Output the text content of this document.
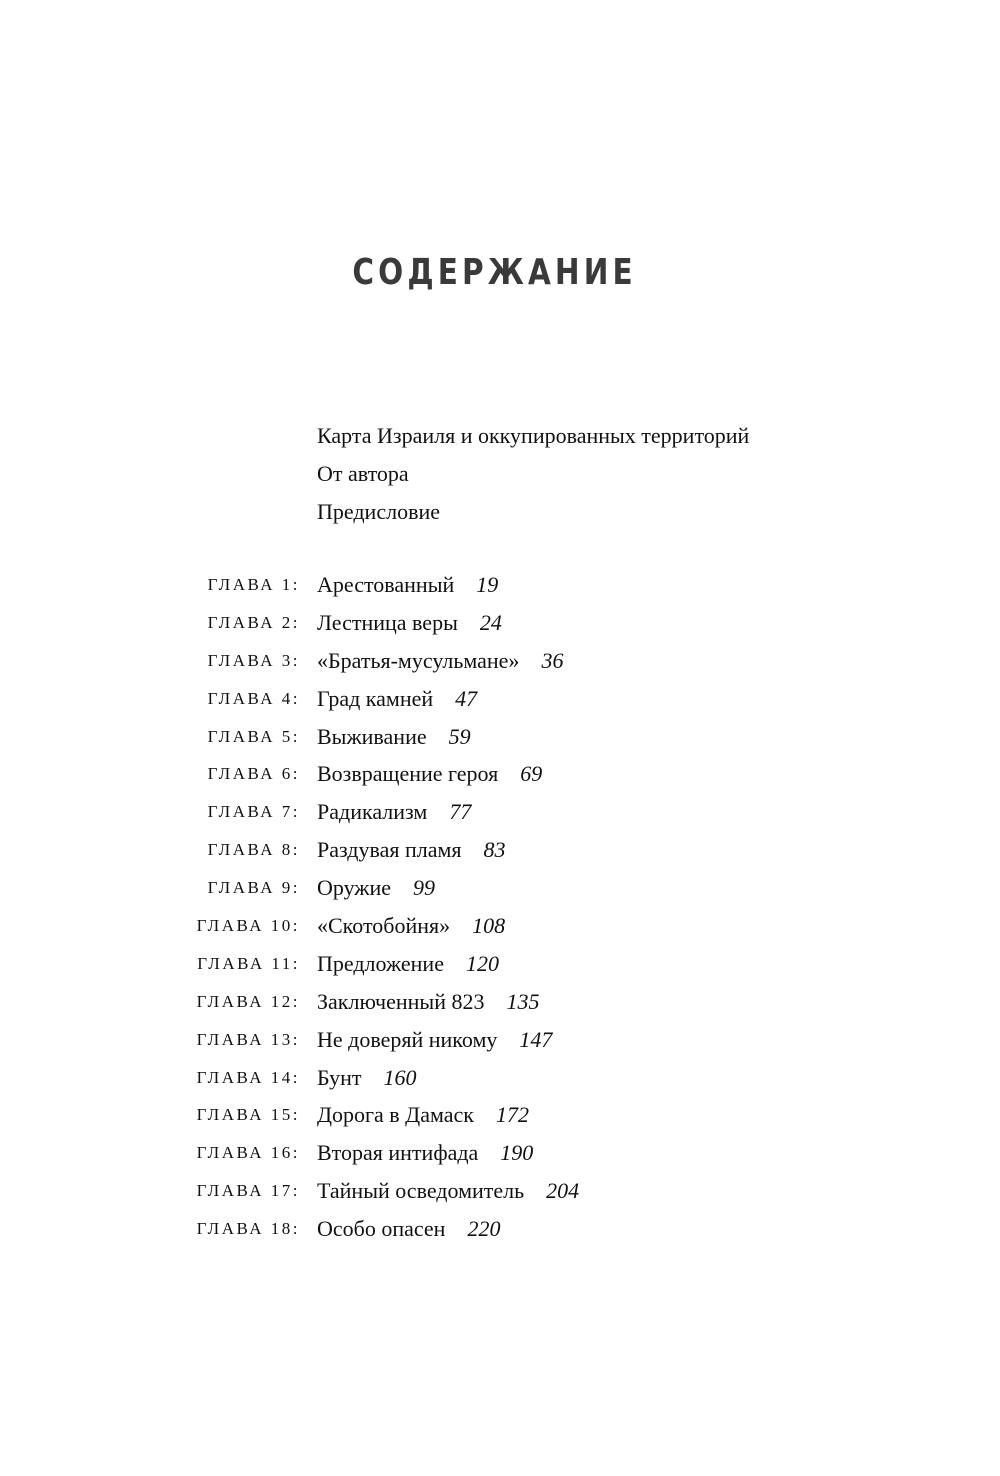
СОДЕРЖАНИЕ
Карта Израиля и оккупированных территорий
От автора
Предисловие
ГЛАВА 1: Арестованный 19
ГЛАВА 2: Лестница веры 24
ГЛАВА 3: «Братья-мусульмане» 36
ГЛАВА 4: Град камней 47
ГЛАВА 5: Выживание 59
ГЛАВА 6: Возвращение героя 69
ГЛАВА 7: Радикализм 77
ГЛАВА 8: Раздувая пламя 83
ГЛАВА 9: Оружие 99
ГЛАВА 10: «Скотобойня» 108
ГЛАВА 11: Предложение 120
ГЛАВА 12: Заключенный 823 135
ГЛАВА 13: Не доверяй никому 147
ГЛАВА 14: Бунт 160
ГЛАВА 15: Дорога в Дамаск 172
ГЛАВА 16: Вторая интифада 190
ГЛАВА 17: Тайный осведомитель 204
ГЛАВА 18: Особо опасен 220
